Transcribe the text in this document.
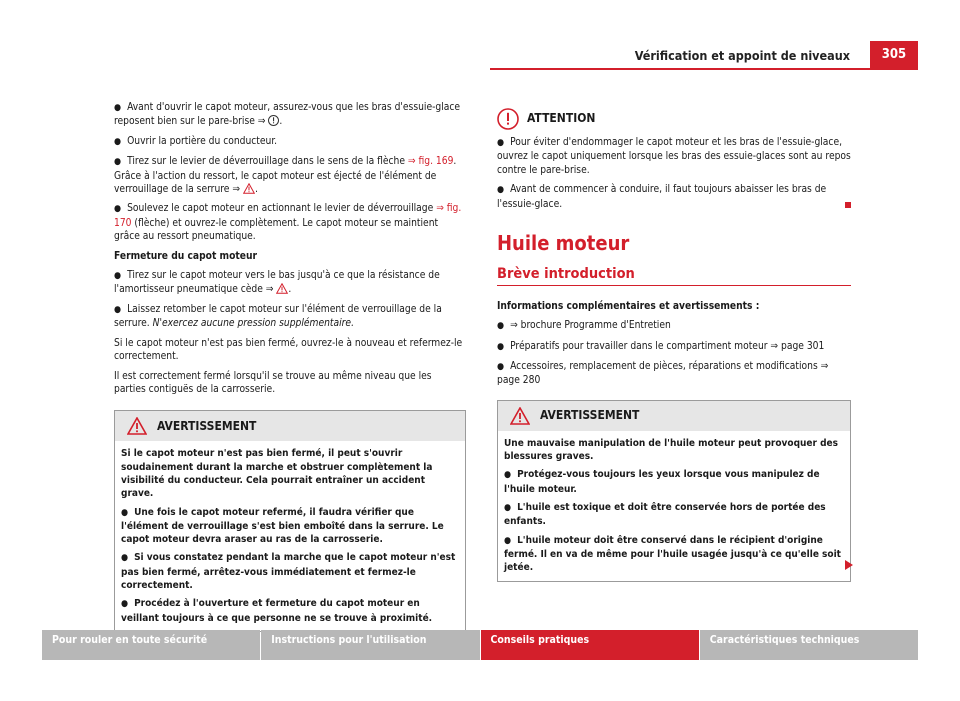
Vérification et appoint de niveaux	305

● Avant d'ouvrir le capot moteur, assurez-vous que les bras d'essuie-glace reposent bien sur le pare-brise ⇒ .

● Ouvrir la portière du conducteur.

● Tirez sur le levier de déverrouillage dans le sens de la flèche ⇒ fig. 169. Grâce à l'action du ressort, le capot moteur est éjecté de l'élément de verrouillage de la serrure ⇒ .

● Soulevez le capot moteur en actionnant le levier de déverrouillage ⇒ fig. 170 (flèche) et ouvrez-le complètement. Le capot moteur se maintient grâce au ressort pneumatique.

Fermeture du capot moteur

● Tirez sur le capot moteur vers le bas jusqu'à ce que la résistance de l'amortisseur pneumatique cède ⇒ .

● Laissez retomber le capot moteur sur l'élément de verrouillage de la serrure. N'exercez aucune pression supplémentaire.

Si le capot moteur n'est pas bien fermé, ouvrez-le à nouveau et refermez-le correctement.

Il est correctement fermé lorsqu'il se trouve au même niveau que les parties contiguës de la carrosserie.

AVERTISSEMENT

Si le capot moteur n'est pas bien fermé, il peut s'ouvrir soudainement durant la marche et obstruer complètement la visibilité du conducteur. Cela pourrait entraîner un accident grave.

● Une fois le capot moteur refermé, il faudra vérifier que l'élément de verrouillage s'est bien emboîté dans la serrure. Le capot moteur devra araser au ras de la carrosserie.

● Si vous constatez pendant la marche que le capot moteur n'est pas bien fermé, arrêtez-vous immédiatement et fermez-le correctement.

● Procédez à l'ouverture et fermeture du capot moteur en veillant toujours à ce que personne ne se trouve à proximité.

ATTENTION

● Pour éviter d'endommager le capot moteur et les bras de l'essuie-glace, ouvrez le capot uniquement lorsque les bras des essuie-glaces sont au repos contre le pare-brise.

● Avant de commencer à conduire, il faut toujours abaisser les bras de l'essuie-glace.

Huile moteur
Brève introduction

Informations complémentaires et avertissements :

● ⇒ brochure Programme d'Entretien

● Préparatifs pour travailler dans le compartiment moteur ⇒ page 301

● Accessoires, remplacement de pièces, réparations et modifications ⇒ page 280

AVERTISSEMENT

Une mauvaise manipulation de l'huile moteur peut provoquer des blessures graves.

● Protégez-vous toujours les yeux lorsque vous manipulez de l'huile moteur.

● L'huile est toxique et doit être conservée hors de portée des enfants.

● L'huile moteur doit être conservé dans le récipient d'origine fermé. Il en va de même pour l'huile usagée jusqu'à ce qu'elle soit jetée.

Pour rouler en toute sécurité	Instructions pour l'utilisation	Conseils pratiques	Caractéristiques techniques
